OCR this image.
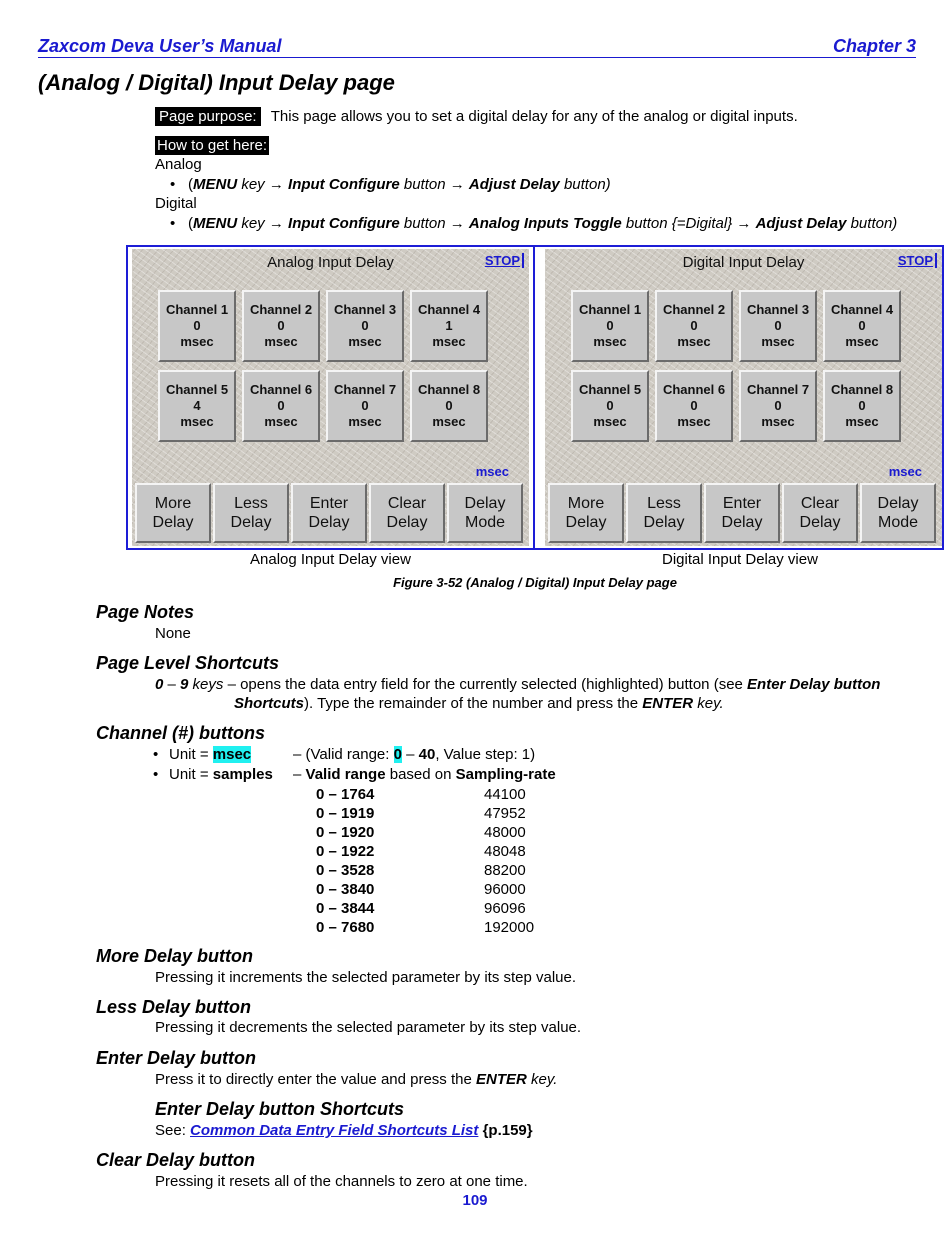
Zaxcom Deva User’s Manual	Chapter 3
(Analog / Digital) Input Delay page
Page purpose: This page allows you to set a digital delay for any of the analog or digital inputs.
How to get here:
Analog
• (MENU key → Input Configure button → Adjust Delay button)
Digital
• (MENU key → Input Configure button → Analog Inputs Toggle button {=Digital} → Adjust Delay button)
Analog Input Delay	STOP
Channel 1
0
msec
Channel 2
0
msec
Channel 3
0
msec
Channel 4
1
msec
Channel 5
4
msec
Channel 6
0
msec
Channel 7
0
msec
Channel 8
0
msec
msec
More
Delay
Less
Delay
Enter
Delay
Clear
Delay
Delay
Mode
Digital Input Delay	STOP
Channel 1
0
msec
Channel 2
0
msec
Channel 3
0
msec
Channel 4
0
msec
Channel 5
0
msec
Channel 6
0
msec
Channel 7
0
msec
Channel 8
0
msec
msec
More
Delay
Less
Delay
Enter
Delay
Clear
Delay
Delay
Mode
Analog Input Delay view	Digital Input Delay view
Figure 3-52 (Analog / Digital) Input Delay page
Page Notes
None
Page Level Shortcuts
0 – 9 keys – opens the data entry field for the currently selected (highlighted) button (see Enter Delay button
Shortcuts). Type the remainder of the number and press the ENTER key.
Channel (#) buttons
• Unit = msec	– (Valid range: 0 – 40, Value step: 1)
• Unit = samples – Valid range based on Sampling-rate
0 – 1764	44100
0 – 1919	47952
0 – 1920	48000
0 – 1922	48048
0 – 3528	88200
0 – 3840	96000
0 – 3844	96096
0 – 7680	192000
More Delay button
Pressing it increments the selected parameter by its step value.
Less Delay button
Pressing it decrements the selected parameter by its step value.
Enter Delay button
Press it to directly enter the value and press the ENTER key.
Enter Delay button Shortcuts
See: Common Data Entry Field Shortcuts List {p.159}
Clear Delay button
Pressing it resets all of the channels to zero at one time.
109
